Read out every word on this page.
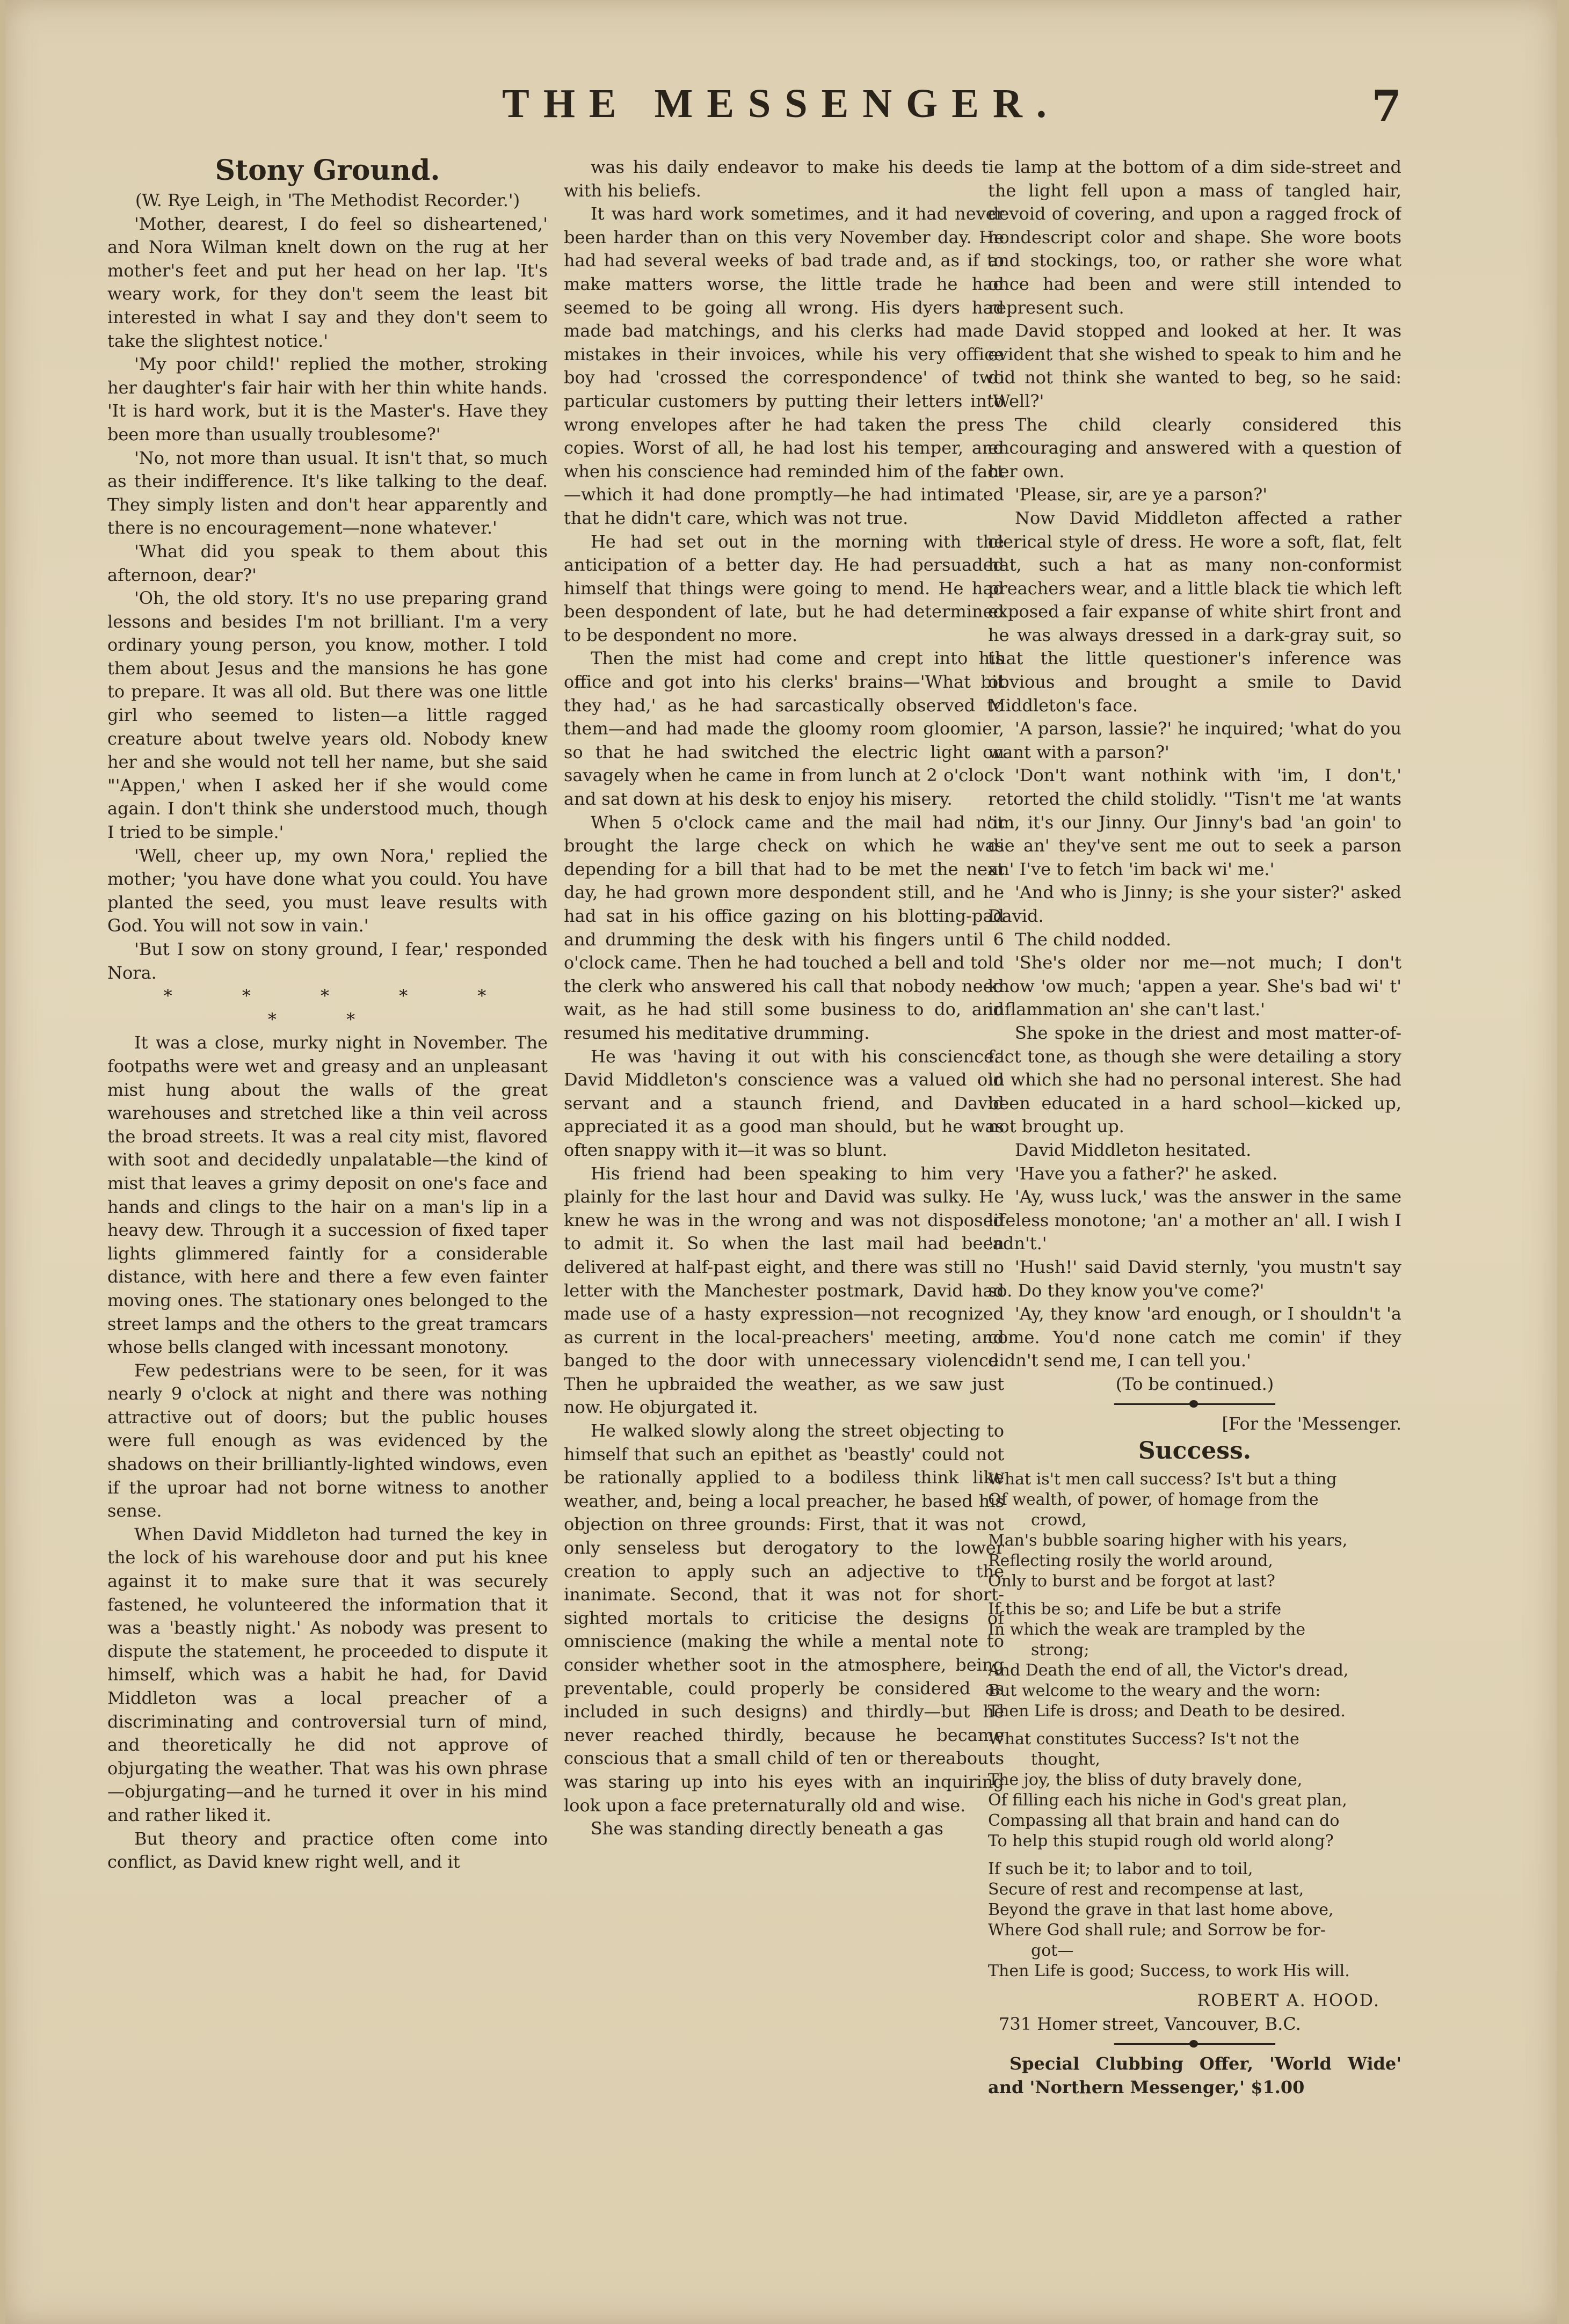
THE MESSENGER.	7
Stony Ground.

(W. Rye Leigh, in 'The Methodist Recorder.')

'Mother, dearest, I do feel so disheartened,' and Nora Wilman knelt down on the rug at her mother's feet and put her head on her lap. 'It's weary work, for they don't seem the least bit interested in what I say and they don't seem to take the slightest notice.'

'My poor child!' replied the mother, stroking her daughter's fair hair with her thin white hands. 'It is hard work, but it is the Master's. Have they been more than usually troublesome?'

'No, not more than usual. It isn't that, so much as their indifference. It's like talking to the deaf. They simply listen and don't hear apparently and there is no encouragement—none whatever.'

'What did you speak to them about this afternoon, dear?'

'Oh, the old story. It's no use preparing grand lessons and besides I'm not brilliant. I'm a very ordinary young person, you know, mother. I told them about Jesus and the mansions he has gone to prepare. It was all old. But there was one little girl who seemed to listen—a little ragged creature about twelve years old. Nobody knew her and she would not tell her name, but she said "'Appen,' when I asked her if she would come again. I don't think she understood much, though I tried to be simple.'

'Well, cheer up, my own Nora,' replied the mother; 'you have done what you could. You have planted the seed, you must leave results with God. You will not sow in vain.'

'But I sow on stony ground, I fear,' responded Nora.

* * * * * * *

It was a close, murky night in November. The footpaths were wet and greasy and an unpleasant mist hung about the walls of the great warehouses and stretched like a thin veil across the broad streets. It was a real city mist, flavored with soot and decidedly unpalatable—the kind of mist that leaves a grimy deposit on one's face and hands and clings to the hair on a man's lip in a heavy dew. Through it a succession of fixed taper lights glimmered faintly for a considerable distance, with here and there a few even fainter moving ones. The stationary ones belonged to the street lamps and the others to the great tramcars whose bells clanged with incessant monotony.

Few pedestrians were to be seen, for it was nearly 9 o'clock at night and there was nothing attractive out of doors; but the public houses were full enough as was evidenced by the shadows on their brilliantly-lighted windows, even if the uproar had not borne witness to another sense.

When David Middleton had turned the key in the lock of his warehouse door and put his knee against it to make sure that it was securely fastened, he volunteered the information that it was a 'beastly night.' As nobody was present to dispute the statement, he proceeded to dispute it himself, which was a habit he had, for David Middleton was a local preacher of a discriminating and controversial turn of mind, and theoretically he did not approve of objurgating the weather. That was his own phrase—objurgating—and he turned it over in his mind and rather liked it.

But theory and practice often come into conflict, as David knew right well, and it

was his daily endeavor to make his deeds tie with his beliefs.

It was hard work sometimes, and it had never been harder than on this very November day. He had had several weeks of bad trade and, as if to make matters worse, the little trade he had seemed to be going all wrong. His dyers had made bad matchings, and his clerks had made mistakes in their invoices, while his very office boy had 'crossed the correspondence' of two particular customers by putting their letters into wrong envelopes after he had taken the press copies. Worst of all, he had lost his temper, and when his conscience had reminded him of the fact—which it had done promptly—he had intimated that he didn't care, which was not true.

He had set out in the morning with the anticipation of a better day. He had persuaded himself that things were going to mend. He had been despondent of late, but he had determined to be despondent no more.

Then the mist had come and crept into his office and got into his clerks' brains—'What bit they had,' as he had sarcastically observed to them—and had made the gloomy room gloomier, so that he had switched the electric light on savagely when he came in from lunch at 2 o'clock and sat down at his desk to enjoy his misery.

When 5 o'clock came and the mail had not brought the large check on which he was depending for a bill that had to be met the next day, he had grown more despondent still, and he had sat in his office gazing on his blotting-pad and drumming the desk with his fingers until 6 o'clock came. Then he had touched a bell and told the clerk who answered his call that nobody need wait, as he had still some business to do, and resumed his meditative drumming.

He was 'having it out with his conscience.' David Middleton's conscience was a valued old servant and a staunch friend, and David appreciated it as a good man should, but he was often snappy with it—it was so blunt.

His friend had been speaking to him very plainly for the last hour and David was sulky. He knew he was in the wrong and was not disposed to admit it. So when the last mail had been delivered at half-past eight, and there was still no letter with the Manchester postmark, David had made use of a hasty expression—not recognized as current in the local-preachers' meeting, and banged to the door with unnecessary violence. Then he upbraided the weather, as we saw just now. He objurgated it.

He walked slowly along the street objecting to himself that such an epithet as 'beastly' could not be rationally applied to a bodiless think like weather, and, being a local preacher, he based his objection on three grounds: First, that it was not only senseless but derogatory to the lower creation to apply such an adjective to the inanimate. Second, that it was not for short-sighted mortals to criticise the designs of omniscience (making the while a mental note to consider whether soot in the atmosphere, being preventable, could properly be considered as included in such designs) and thirdly—but he never reached thirdly, because he became conscious that a small child of ten or thereabouts was staring up into his eyes with an inquiring look upon a face preternaturally old and wise.

She was standing directly beneath a gas

lamp at the bottom of a dim side-street and the light fell upon a mass of tangled hair, devoid of covering, and upon a ragged frock of nondescript color and shape. She wore boots and stockings, too, or rather she wore what once had been and were still intended to represent such.

David stopped and looked at her. It was evident that she wished to speak to him and he did not think she wanted to beg, so he said: 'Well?'

The child clearly considered this encouraging and answered with a question of her own.

'Please, sir, are ye a parson?'

Now David Middleton affected a rather clerical style of dress. He wore a soft, flat, felt hat, such a hat as many non-conformist preachers wear, and a little black tie which left exposed a fair expanse of white shirt front and he was always dressed in a dark-gray suit, so that the little questioner's inference was obvious and brought a smile to David Middleton's face.

'A parson, lassie?' he inquired; 'what do you want with a parson?'

'Don't want nothink with 'im, I don't,' retorted the child stolidly. ''Tisn't me 'at wants 'im, it's our Jinny. Our Jinny's bad 'an goin' to die an' they've sent me out to seek a parson an' I've to fetch 'im back wi' me.'

'And who is Jinny; is she your sister?' asked David.

The child nodded.

'She's older nor me—not much; I don't know 'ow much; 'appen a year. She's bad wi' t' inflammation an' she can't last.'

She spoke in the driest and most matter-of-fact tone, as though she were detailing a story in which she had no personal interest. She had been educated in a hard school—kicked up, not brought up.

David Middleton hesitated.

'Have you a father?' he asked.

'Ay, wuss luck,' was the answer in the same lifeless monotone; 'an' a mother an' all. I wish I 'adn't.'

'Hush!' said David sternly, 'you mustn't say so. Do they know you've come?'

'Ay, they know 'ard enough, or I shouldn't 'a come. You'd none catch me comin' if they didn't send me, I can tell you.'

(To be continued.)

[For the 'Messenger.

Success.

What is't men call success? Is't but a thing

Of wealth, of power, of homage from the

crowd,

Man's bubble soaring higher with his years,

Reflecting rosily the world around,

Only to burst and be forgot at last?

If this be so; and Life be but a strife

In which the weak are trampled by the

strong;

And Death the end of all, the Victor's dread,

But welcome to the weary and the worn:

Then Life is dross; and Death to be desired.

What constitutes Success? Is't not the

thought,

The joy, the bliss of duty bravely done,

Of filling each his niche in God's great plan,

Compassing all that brain and hand can do

To help this stupid rough old world along?

If such be it; to labor and to toil,

Secure of rest and recompense at last,

Beyond the grave in that last home above,

Where God shall rule; and Sorrow be for-

got—

Then Life is good; Success, to work His will.

ROBERT A. HOOD.

731 Homer street, Vancouver, B.C.

Special Clubbing Offer, 'World Wide' and 'Northern Messenger,' $1.00
